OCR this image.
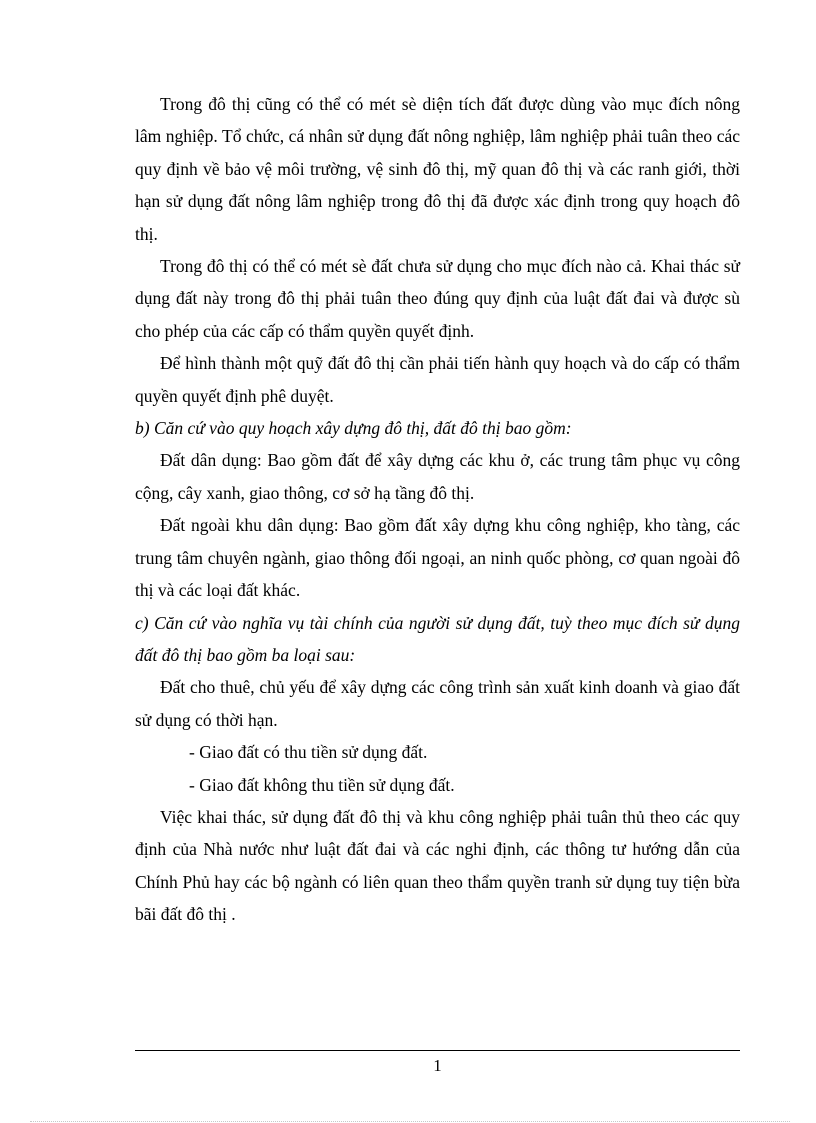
Trong đô thị cũng có thể có mét sè diện tích đất được dùng vào mục đích nông lâm nghiệp. Tổ chức, cá nhân sử dụng đất nông nghiệp, lâm nghiệp phải tuân theo các quy định về bảo vệ môi trường, vệ sinh đô thị, mỹ quan đô thị và các ranh giới, thời hạn sử dụng đất nông lâm nghiệp trong đô thị đã được xác định trong quy hoạch đô thị.

Trong đô thị có thể có mét sè đất chưa sử dụng cho mục đích nào cả. Khai thác sử dụng đất này trong đô thị phải tuân theo đúng quy định của luật đất đai và được sù cho phép của các cấp có thẩm quyền quyết định.

Để hình thành một quỹ đất đô thị cần phải tiến hành quy hoạch và do cấp có thẩm quyền quyết định phê duyệt.

b) Căn cứ vào quy hoạch xây dựng đô thị, đất đô thị bao gồm:

Đất dân dụng: Bao gồm đất để xây dựng các khu ở, các trung tâm phục vụ công cộng, cây xanh, giao thông, cơ sở hạ tầng đô thị.

Đất ngoài khu dân dụng: Bao gồm đất xây dựng khu công nghiệp, kho tàng, các trung tâm chuyên ngành, giao thông đối ngoại, an ninh quốc phòng, cơ quan ngoài đô thị và các loại đất khác.

c) Căn cứ vào nghĩa vụ tài chính của người sử dụng đất, tuỳ theo mục đích sử dụng đất đô thị bao gồm ba loại sau:

Đất cho thuê, chủ yếu để xây dựng các công trình sản xuất kinh doanh và giao đất sử dụng có thời hạn.

- Giao đất có thu tiền sử dụng đất.

- Giao đất không thu tiền sử dụng đất.

Việc khai thác, sử dụng đất đô thị và khu công nghiệp phải tuân thủ theo các quy định của Nhà nước như luật đất đai và các nghi định, các thông tư hướng dẫn của Chính Phủ hay các bộ ngành có liên quan theo thẩm quyền tranh sử dụng tuy tiện bừa bãi đất đô thị .

1
